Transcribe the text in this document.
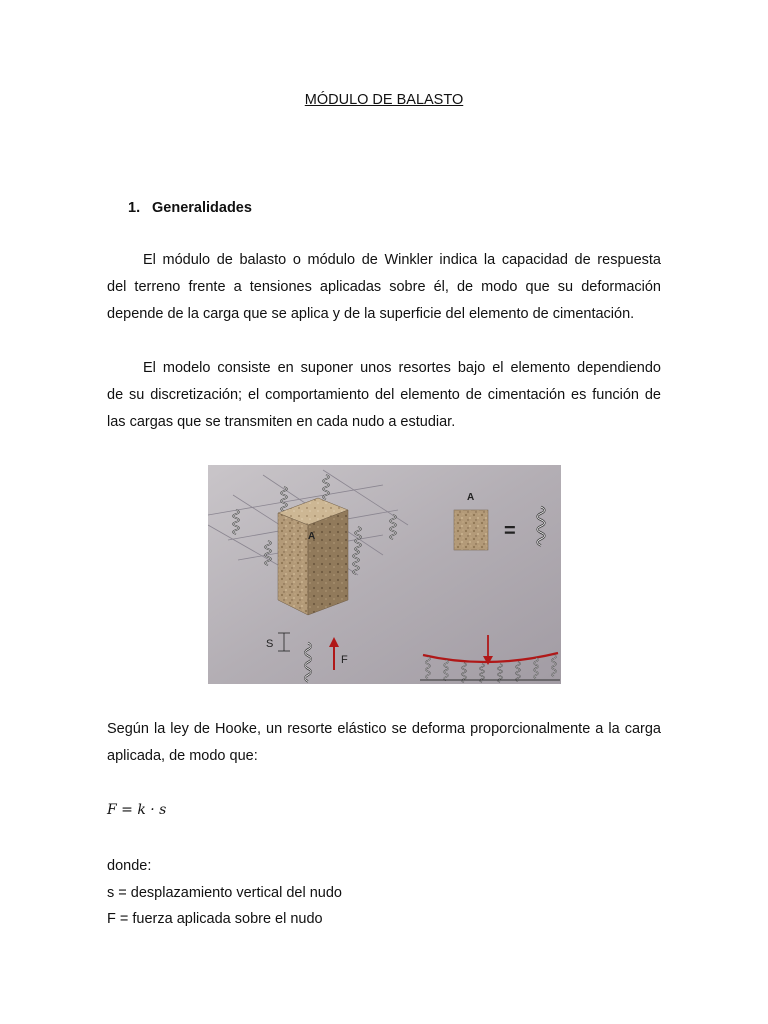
MÓDULO DE BALASTO
1. Generalidades
El módulo de balasto o módulo de Winkler indica la capacidad de respuesta
del terreno frente a tensiones aplicadas sobre él, de modo que su deformación
depende de la carga que se aplica y de la superficie del elemento de cimentación.
El modelo consiste en suponer unos resortes bajo el elemento dependiendo
de su discretización; el comportamiento del elemento de cimentación es función de
las cargas que se transmiten en cada nudo a estudiar.
A
A
=
S
F
Según la ley de Hooke, un resorte elástico se deforma proporcionalmente a la carga
aplicada, de modo que:
F = k · s
donde:
s = desplazamiento vertical del nudo
F = fuerza aplicada sobre el nudo
